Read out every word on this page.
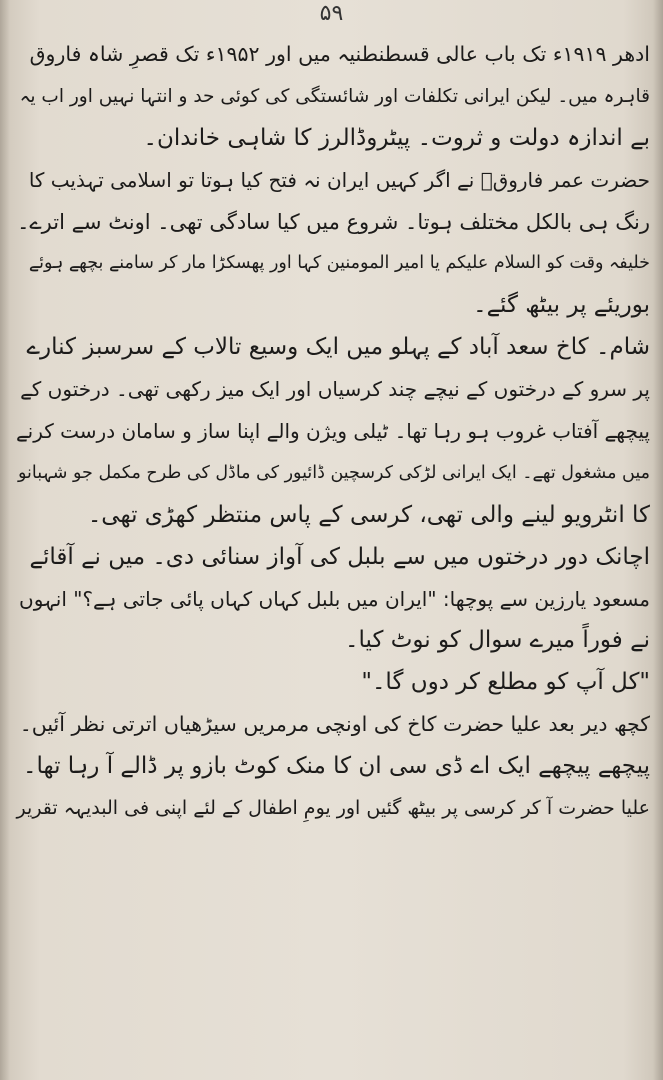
۵۹
ادھر ۱۹۱۹ء تک باب عالی قسطنطنیہ میں اور ۱۹۵۲ء تک قصرِ شاہ فاروق
قاہرہ میں۔ لیکن ایرانی تکلفات اور شائستگی کی کوئی حد و انتہا نہیں اور اب یہ
بے اندازہ دولت و ثروت۔ پیٹروڈالرز کا شاہی خاندان۔
حضرت عمر فاروقؓ نے اگر کہیں ایران نہ فتح کیا ہوتا تو اسلامی تہذیب کا
رنگ ہی بالکل مختلف ہوتا۔ شروع میں کیا سادگی تھی۔ اونٹ سے اترے۔
خلیفہ وقت کو السلام علیکم یا امیر المومنین کہا اور پھسکڑا مار کر سامنے بچھے ہوئے
بوریئے پر بیٹھ گئے۔
شام۔ کاخ سعد آباد کے پہلو میں ایک وسیع تالاب کے سرسبز کنارے
پر سرو کے درختوں کے نیچے چند کرسیاں اور ایک میز رکھی تھی۔ درختوں کے
پیچھے آفتاب غروب ہو رہا تھا۔ ٹیلی ویژن والے اپنا ساز و سامان درست کرنے
میں مشغول تھے۔ ایک ایرانی لڑکی کرسچین ڈائیور کی ماڈل کی طرح مکمل جو شہبانو
کا انٹرویو لینے والی تھی، کرسی کے پاس منتظر کھڑی تھی۔
اچانک دور درختوں میں سے بلبل کی آواز سنائی دی۔ میں نے آقائے
مسعود یارزین سے پوچھا: "ایران میں بلبل کہاں کہاں پائی جاتی ہے؟" انہوں
نے فوراً میرے سوال کو نوٹ کیا۔
"کل آپ کو مطلع کر دوں گا۔"
کچھ دیر بعد علیا حضرت کاخ کی اونچی مرمریں سیڑھیاں اترتی نظر آئیں۔
پیچھے پیچھے ایک اے ڈی سی ان کا منک کوٹ بازو پر ڈالے آ رہا تھا۔
علیا حضرت آ کر کرسی پر بیٹھ گئیں اور یومِ اطفال کے لئے اپنی فی البدیہہ تقریر
